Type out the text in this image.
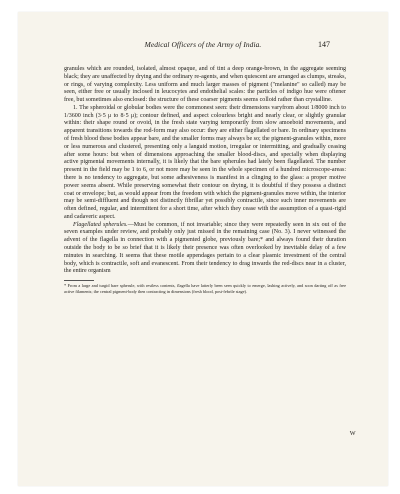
Medical Officers of the Army of India.	147

granules which are rounded, isolated, almost opaque, and of tint a deep orange-brown, in the aggregate seeming black; they are unaffected by drying and the ordinary re-agents, and when quiescent are arranged as clumps, streaks, or rings, of varying complexity. Less uniform and much larger masses of pigment ("melanine" so called) may be seen, either free or usually inclosed in leucocytes and endothelial scales: the particles of indigo hue were oftener free, but sometimes also enclosed: the structure of these coarser pigments seems colloid rather than crystalline.

1. The spheroidal or globular bodies were the commonest seen: their dimensions varyfrom about 1/8000 inch to 1/3600 inch (3·5 μ to 8·5 μ); contour defined, and aspect colourless bright and nearly clear, or slightly granular within: their shape round or ovoid, in the fresh state varying temporarily from slow amoeboid movements, and apparent transitions towards the rod-form may also occur: they are either flagellated or bare. In ordinary specimens of fresh blood these bodies appear bare, and the smaller forms may always be so; the pigment-granules within, more or less numerous and clustered, presenting only a languid motion, irregular or intermitting, and gradually ceasing after some hours: but when of dimensions approaching the smaller blood-discs, and specially when displaying active pigmental movements internally, it is likely that the bare spherules had lately been flagellated. The number present in the field may be 1 to 6, or not more may be seen in the whole specimen of a hundred microscope-areas: there is no tendency to aggregate, but some adhesiveness is manifest in a clinging to the glass: a proper motive power seems absent. While preserving somewhat their contour on drying, it is doubtful if they possess a distinct coat or envelope; but, as would appear from the freedom with which the pigment-granules move within, the interior may be semi-diffluent and though not distinctly fibrillar yet possibly contractile, since such inner movements are often defined, regular, and intermittent for a short time, after which they cease with the assumption of a quasi-rigid and cadaveric aspect.

Flagellated spherules.—Must be common, if not invariable; since they were repeatedly seen in six out of the seven examples under review, and probably only just missed in the remaining case (No. 3). I never witnessed the advent of the flagella in connection with a pigmented globe, previously bare;* and always found their duration outside the body to be so brief that it is likely their presence was often overlooked by inevitable delay of a few minutes in searching. It seems that these motile appendages pertain to a clear plasmic investment of the central body, which is contractile, soft and evanescent. From their tendency to drag inwards the red-discs near in a cluster, the entire organism

* From a large and turgid bare spherule, with restless contents, flagella have latterly been seen quickly to emerge, lashing actively, and soon darting off as free active filaments; the central pigment-body then contracting in dimensions (fresh blood, post-febrile stage).

W
